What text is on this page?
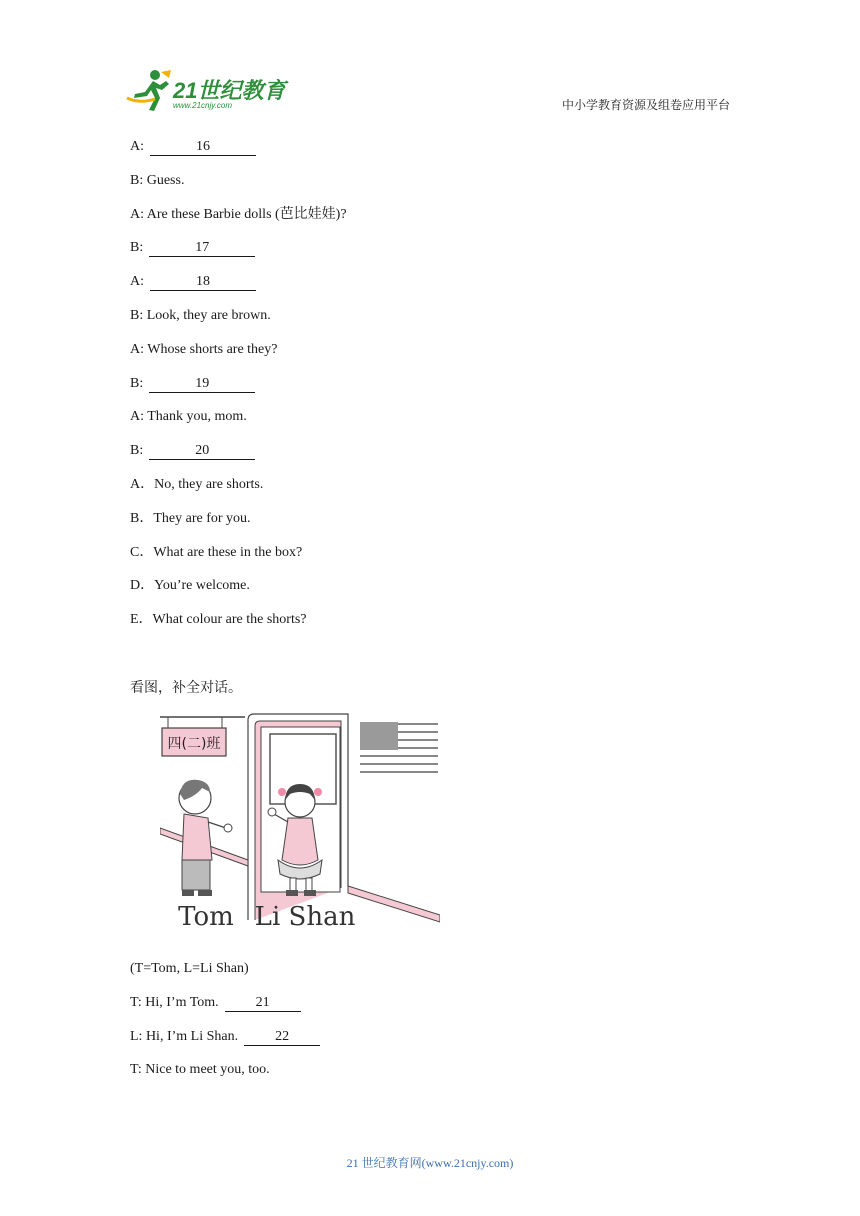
21世纪教育
www.21cnjy.com	中小学教育资源及组卷应用平台
A:	16
B: Guess.
A: Are these Barbie dolls (芭比娃娃)?
B:	17
A:	18
B: Look, they are brown.
A: Whose shorts are they?
B:	19
A: Thank you, mom.
B:	20
A．No, they are shorts.
B．They are for you.
C．What are these in the box?
D．You’re welcome.
E．What colour are the shorts?
看图，补全对话。
四(二)班
Tom Li Shan
(T=Tom, L=Li Shan)
T: Hi, I’m Tom.	21
L: Hi, I’m Li Shan.	22
T: Nice to meet you, too.
21 世纪教育网(www.21cnjy.com)
